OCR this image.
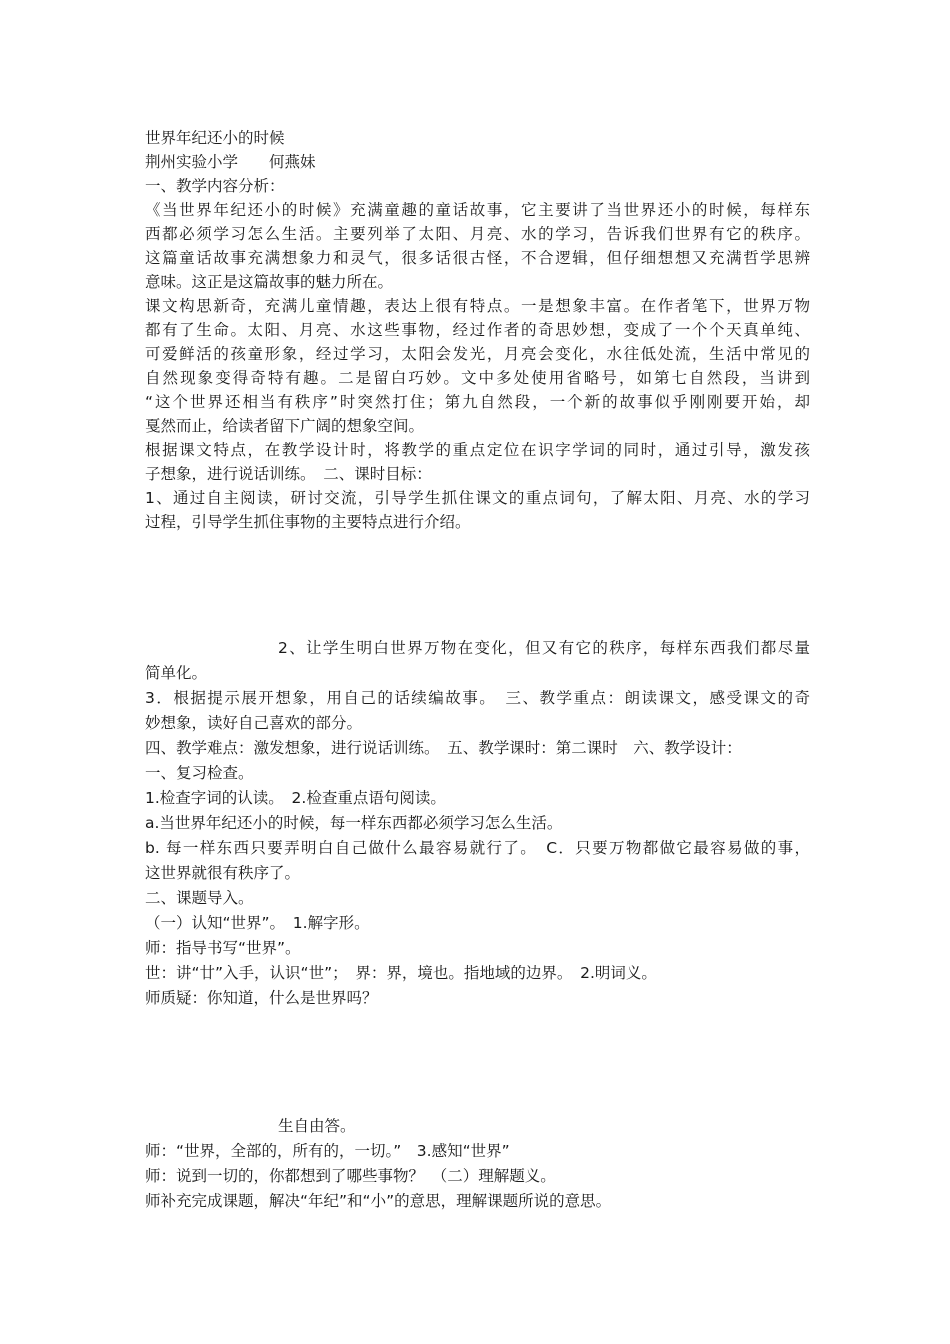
世界年纪还小的时候
荆州实验小学　　何燕妹
一、教学内容分析：
《当世界年纪还小的时候》充满童趣的童话故事，它主要讲了当世界还小的时候，每样东
西都必须学习怎么生活。主要列举了太阳、月亮、水的学习，告诉我们世界有它的秩序。
这篇童话故事充满想象力和灵气，很多话很古怪，不合逻辑，但仔细想想又充满哲学思辨
意味。这正是这篇故事的魅力所在。
课文构思新奇，充满儿童情趣，表达上很有特点。一是想象丰富。在作者笔下，世界万物
都有了生命。太阳、月亮、水这些事物，经过作者的奇思妙想，变成了一个个天真单纯、
可爱鲜活的孩童形象，经过学习，太阳会发光，月亮会变化，水往低处流，生活中常见的
自然现象变得奇特有趣。二是留白巧妙。文中多处使用省略号，如第七自然段，当讲到
“这个世界还相当有秩序”时突然打住；第九自然段，一个新的故事似乎刚刚要开始，却
戛然而止，给读者留下广阔的想象空间。
根据课文特点，在教学设计时，将教学的重点定位在识字学词的同时，通过引导，激发孩
子想象，进行说话训练。　二、课时目标：
1、通过自主阅读，研讨交流，引导学生抓住课文的重点词句，了解太阳、月亮、水的学习
过程，引导学生抓住事物的主要特点进行介绍。
2、让学生明白世界万物在变化，但又有它的秩序，每样东西我们都尽量
简单化。
3．根据提示展开想象，用自己的话续编故事。　三、教学重点：朗读课文，感受课文的奇
妙想象，读好自己喜欢的部分。
四、教学难点：激发想象，进行说话训练。　五、教学课时：第二课时　六、教学设计：
一、复习检查。
1.检查字词的认读。　2.检查重点语句阅读。
a.当世界年纪还小的时候，每一样东西都必须学习怎么生活。
b. 每一样东西只要弄明白自己做什么最容易就行了。　C．只要万物都做它最容易做的事，
这世界就很有秩序了。
二、课题导入。
（一）认知“世界”。　1.解字形。
师：指导书写“世界”。
世：讲“廿”入手，认识“世”；　界：界，境也。指地域的边界。　2.明词义。
师质疑：你知道，什么是世界吗？
生自由答。
师：“世界，全部的，所有的，一切。”　3.感知“世界”
师：说到一切的，你都想到了哪些事物？　（二）理解题义。
师补充完成课题，解决“年纪”和“小”的意思，理解课题所说的意思。
